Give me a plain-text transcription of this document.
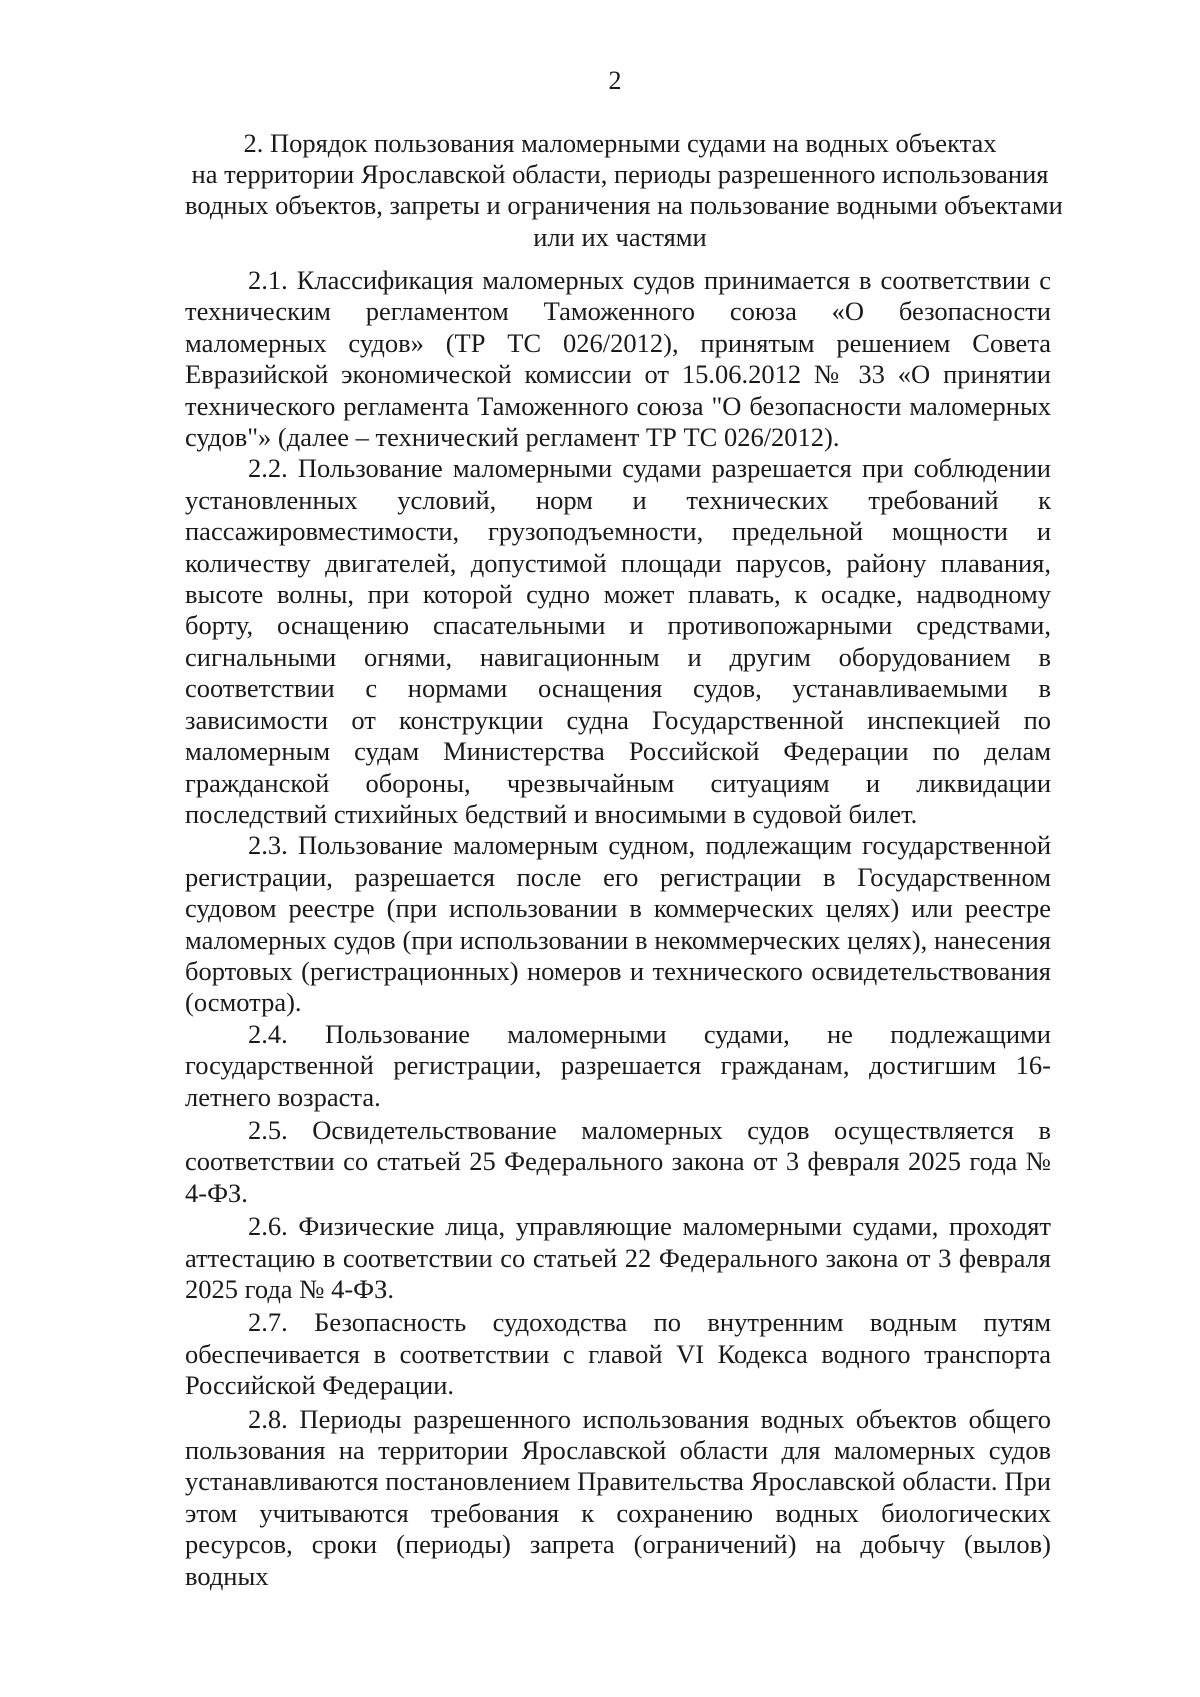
2
2. Порядок пользования маломерными судами на водных объектах
на территории Ярославской области, периоды разрешенного использования
водных объектов, запреты и ограничения на пользование водными объектами
или их частями

2.1. Классификация маломерных судов принимается в соответствии с техническим регламентом Таможенного союза «О безопасности маломерных судов» (ТР ТС 026/2012), принятым решением Совета Евразийской экономической комиссии от 15.06.2012 № 33 «О принятии технического регламента Таможенного союза "О безопасности маломерных судов"» (далее – технический регламент ТР ТС 026/2012).

2.2. Пользование маломерными судами разрешается при соблюдении установленных условий, норм и технических требований к пассажировместимости, грузоподъемности, предельной мощности и количеству двигателей, допустимой площади парусов, району плавания, высоте волны, при которой судно может плавать, к осадке, надводному борту, оснащению спасательными и противопожарными средствами, сигнальными огнями, навигационным и другим оборудованием в соответствии с нормами оснащения судов, устанавливаемыми в зависимости от конструкции судна Государственной инспекцией по маломерным судам Министерства Российской Федерации по делам гражданской обороны, чрезвычайным ситуациям и ликвидации последствий стихийных бедствий и вносимыми в судовой билет.

2.3. Пользование маломерным судном, подлежащим государственной регистрации, разрешается после его регистрации в Государственном судовом реестре (при использовании в коммерческих целях) или реестре маломерных судов (при использовании в некоммерческих целях), нанесения бортовых (регистрационных) номеров и технического освидетельствования (осмотра).

2.4. Пользование маломерными судами, не подлежащими государственной регистрации, разрешается гражданам, достигшим 16-летнего возраста.

2.5. Освидетельствование маломерных судов осуществляется в соответствии со статьей 25 Федерального закона от 3 февраля 2025 года № 4-ФЗ.

2.6. Физические лица, управляющие маломерными судами, проходят аттестацию в соответствии со статьей 22 Федерального закона от 3 февраля 2025 года № 4-ФЗ.

2.7. Безопасность судоходства по внутренним водным путям обеспечивается в соответствии с главой VI Кодекса водного транспорта Российской Федерации.

2.8. Периоды разрешенного использования водных объектов общего пользования на территории Ярославской области для маломерных судов устанавливаются постановлением Правительства Ярославской области. При этом учитываются требования к сохранению водных биологических ресурсов, сроки (периоды) запрета (ограничений) на добычу (вылов) водных
